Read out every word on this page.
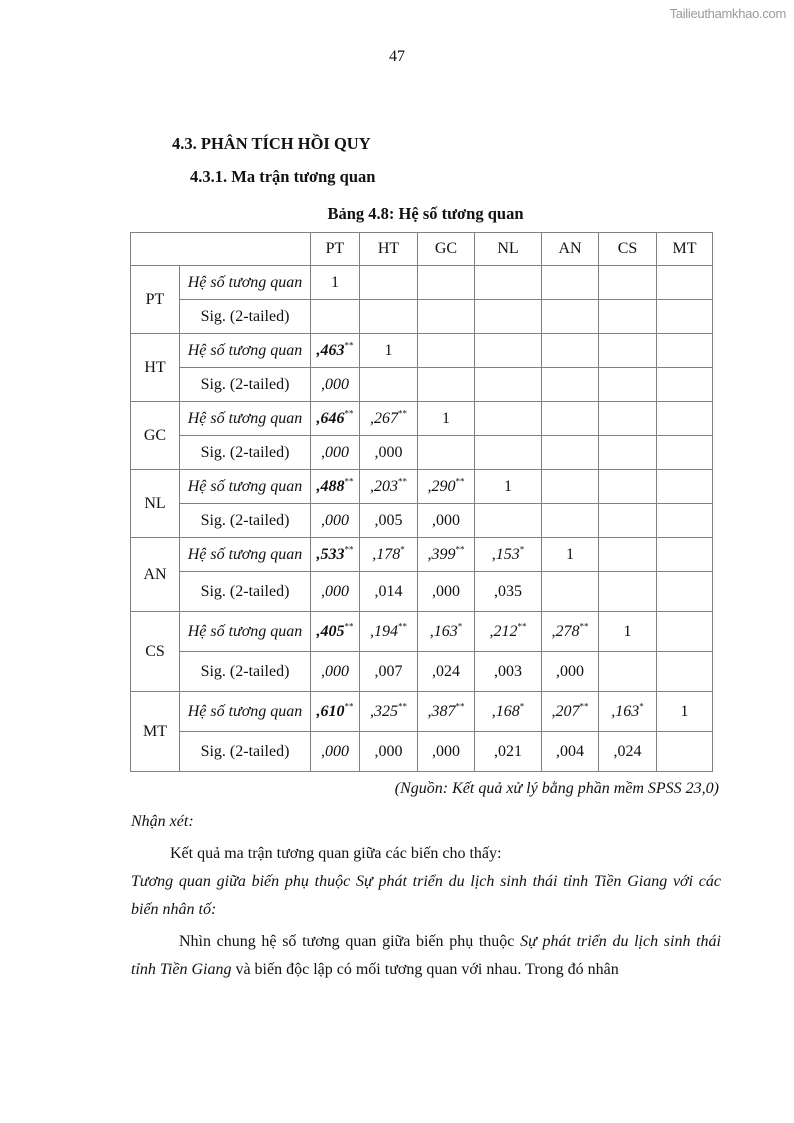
Tailieuthamkhao.com
47
4.3. PHÂN TÍCH HỒI QUY
4.3.1. Ma trận tương quan
Bảng 4.8: Hệ số tương quan
		PT	HT	GC	NL	AN	CS	MT
PT	Hệ số tương quan	1						
	Sig. (2-tailed)							
HT	Hệ số tương quan	,463**	1					
	Sig. (2-tailed)	,000						
GC	Hệ số tương quan	,646**	,267**	1				
	Sig. (2-tailed)	,000	,000					
NL	Hệ số tương quan	,488**	,203**	,290**	1			
	Sig. (2-tailed)	,000	,005	,000				
AN	Hệ số tương quan	,533**	,178*	,399**	,153*	1		
	Sig. (2-tailed)	,000	,014	,000	,035			
CS	Hệ số tương quan	,405**	,194**	,163*	,212**	,278**	1	
	Sig. (2-tailed)	,000	,007	,024	,003	,000		
MT	Hệ số tương quan	,610**	,325**	,387**	,168*	,207**	,163*	1
	Sig. (2-tailed)	,000	,000	,000	,021	,004	,024	
(Nguồn: Kết quả xử lý bằng phần mềm SPSS 23,0)
Nhận xét:
Kết quả ma trận tương quan giữa các biến cho thấy:
Tương quan giữa biến phụ thuộc Sự phát triển du lịch sinh thái tỉnh Tiền Giang với các biến nhân tố:
Nhìn chung hệ số tương quan giữa biến phụ thuộc Sự phát triển du lịch sinh thái tỉnh Tiền Giang và biến độc lập có mối tương quan với nhau. Trong đó nhân
